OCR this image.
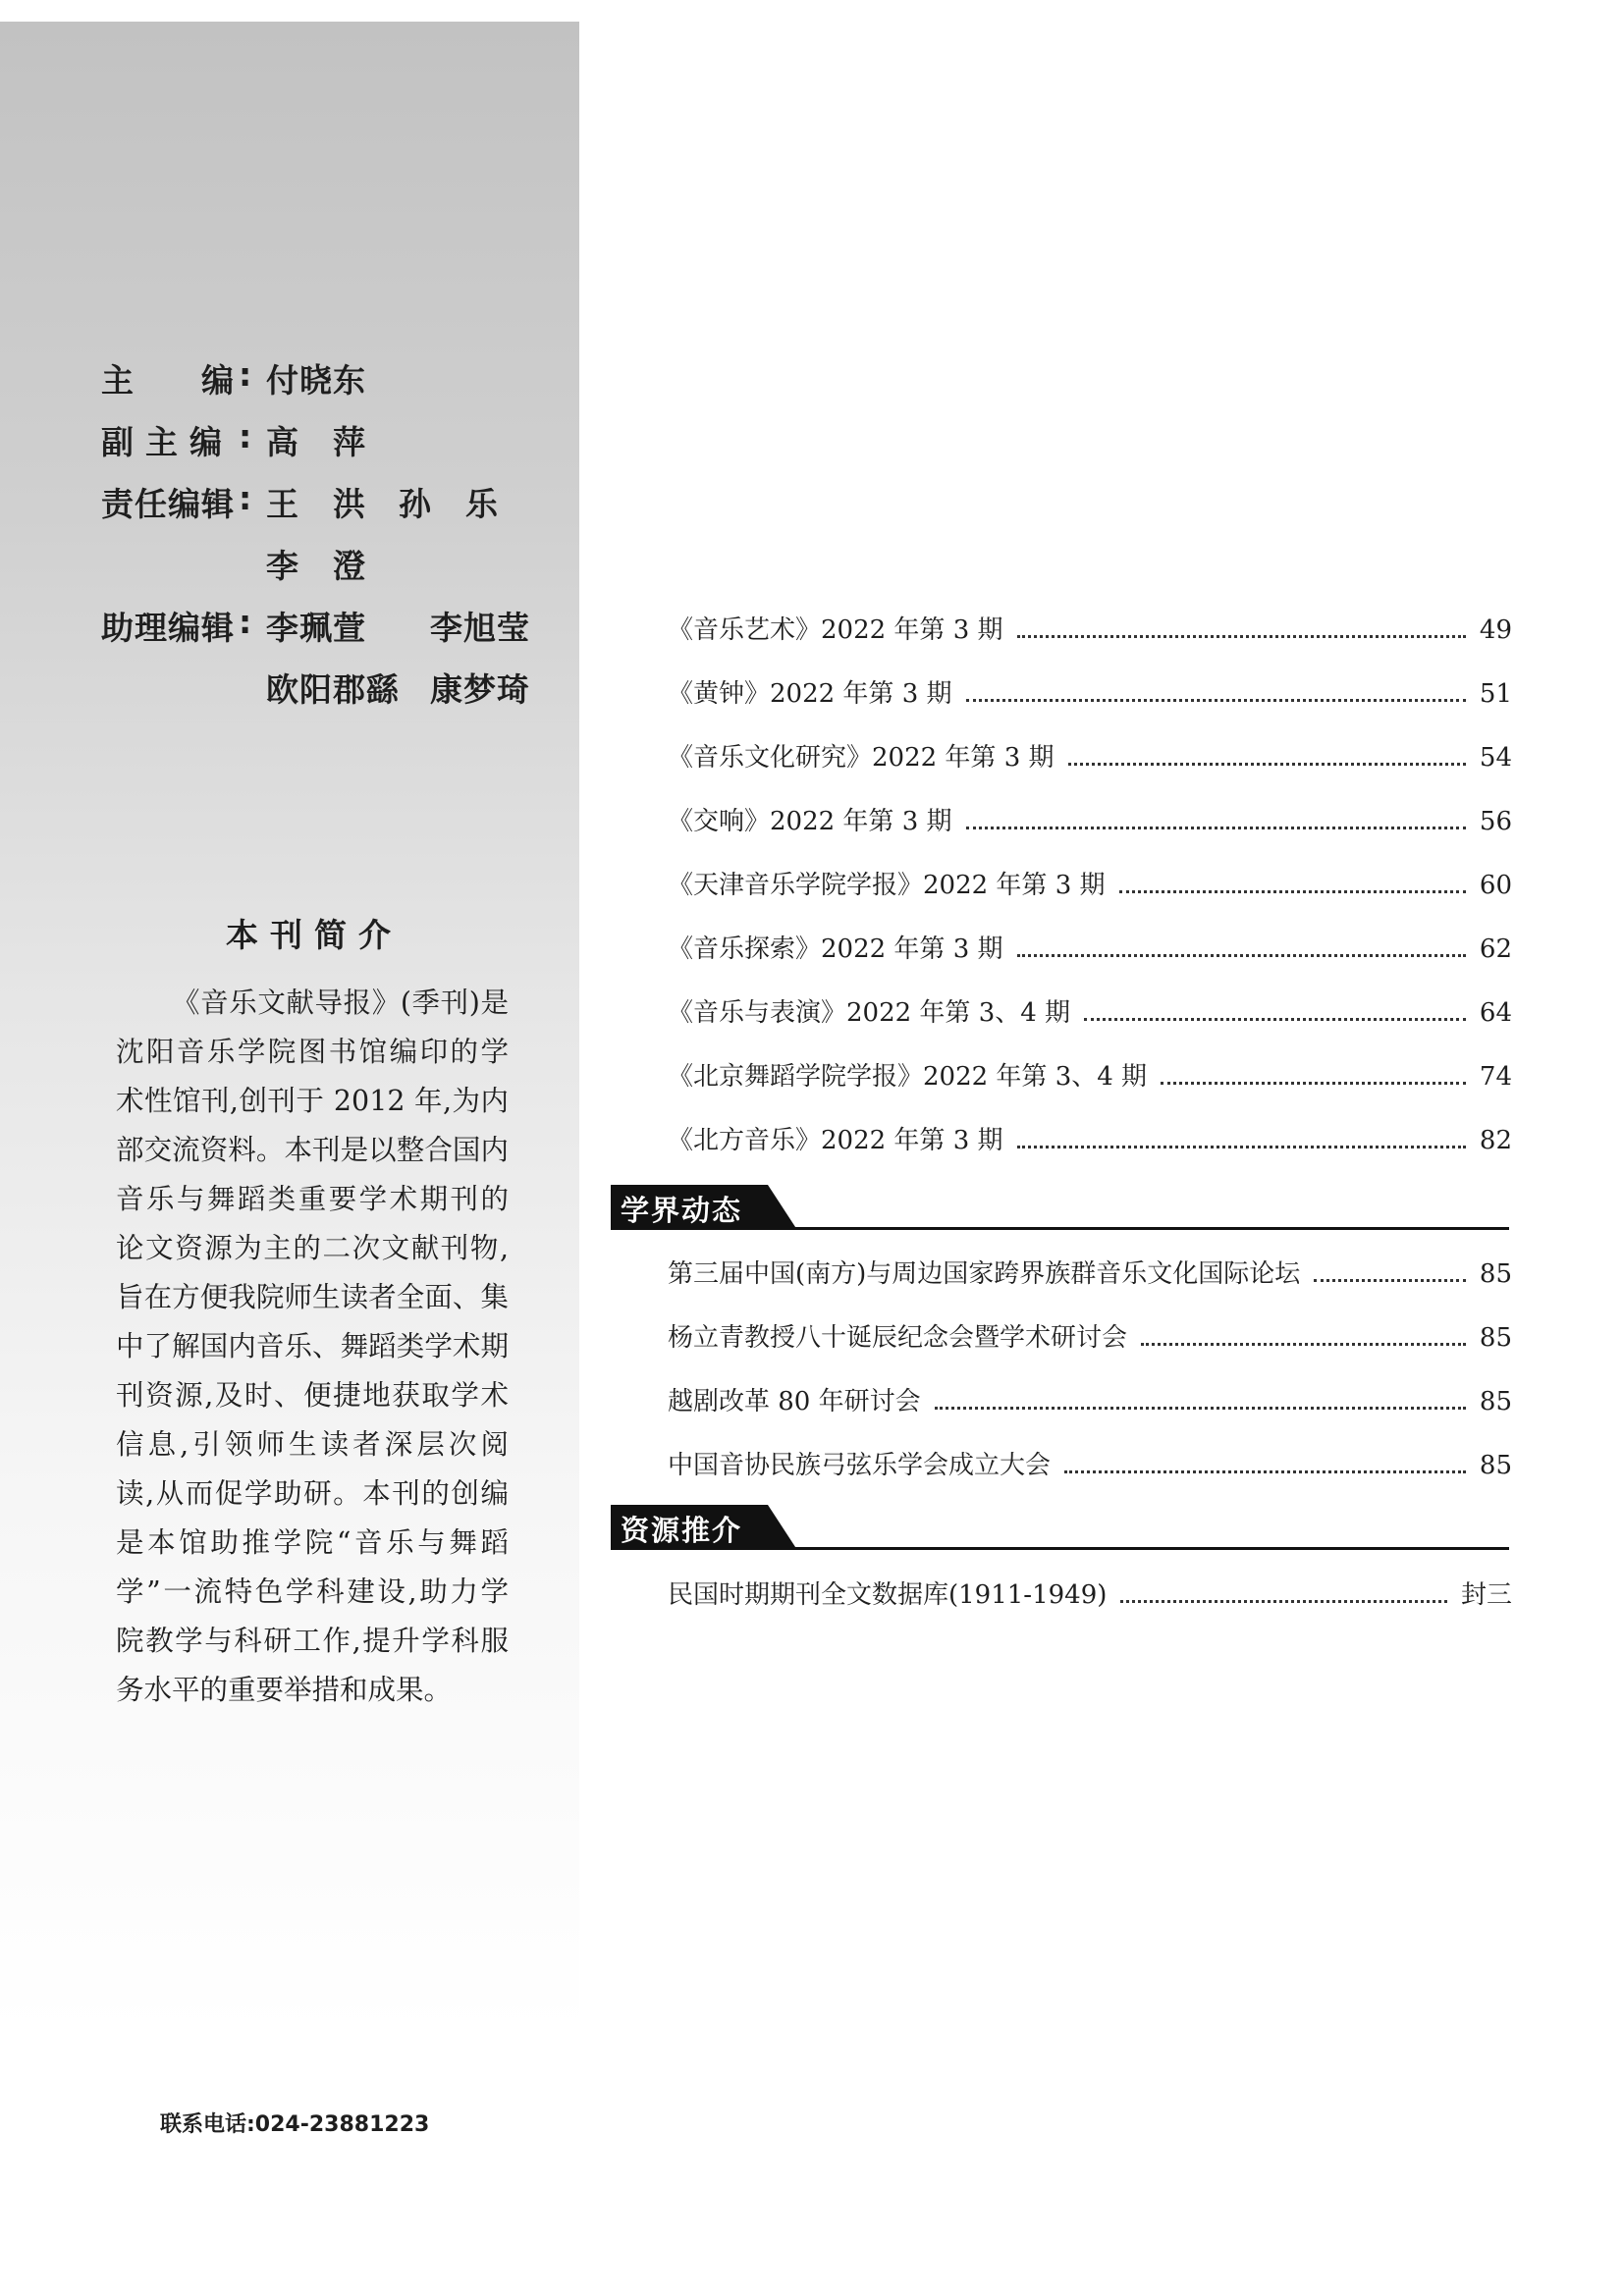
主　　编 : 付晓东
副主编 : 高　萍
责任编辑 : 王　洪 孙　乐
李　澄
助理编辑 : 李珮萱 李旭莹
欧阳郡繇 康梦琦
本刊简介
《音乐文献导报》(季刊)是
沈阳音乐学院图书馆编印的学
术性馆刊,创刊于 2012 年,为内
部交流资料。本刊是以整合国内
音乐与舞蹈类重要学术期刊的
论文资源为主的二次文献刊物,
旨在方便我院师生读者全面、集
中了解国内音乐、舞蹈类学术期
刊资源,及时、便捷地获取学术
信息,引领师生读者深层次阅
读,从而促学助研。本刊的创编
是本馆助推学院“音乐与舞蹈
学”一流特色学科建设,助力学
院教学与科研工作,提升学科服
务水平的重要举措和成果。
联系电话:024-23881223
《音乐艺术》2022 年第 3 期	49
《黄钟》2022 年第 3 期	51
《音乐文化研究》2022 年第 3 期	54
《交响》2022 年第 3 期	56
《天津音乐学院学报》2022 年第 3 期	60
《音乐探索》2022 年第 3 期	62
《音乐与表演》2022 年第 3、4 期	64
《北京舞蹈学院学报》2022 年第 3、4 期	74
《北方音乐》2022 年第 3 期	82
学界动态
第三届中国(南方)与周边国家跨界族群音乐文化国际论坛	85
杨立青教授八十诞辰纪念会暨学术研讨会	85
越剧改革 80 年研讨会	85
中国音协民族弓弦乐学会成立大会	85
资源推介
民国时期期刊全文数据库(1911-1949)	封三
